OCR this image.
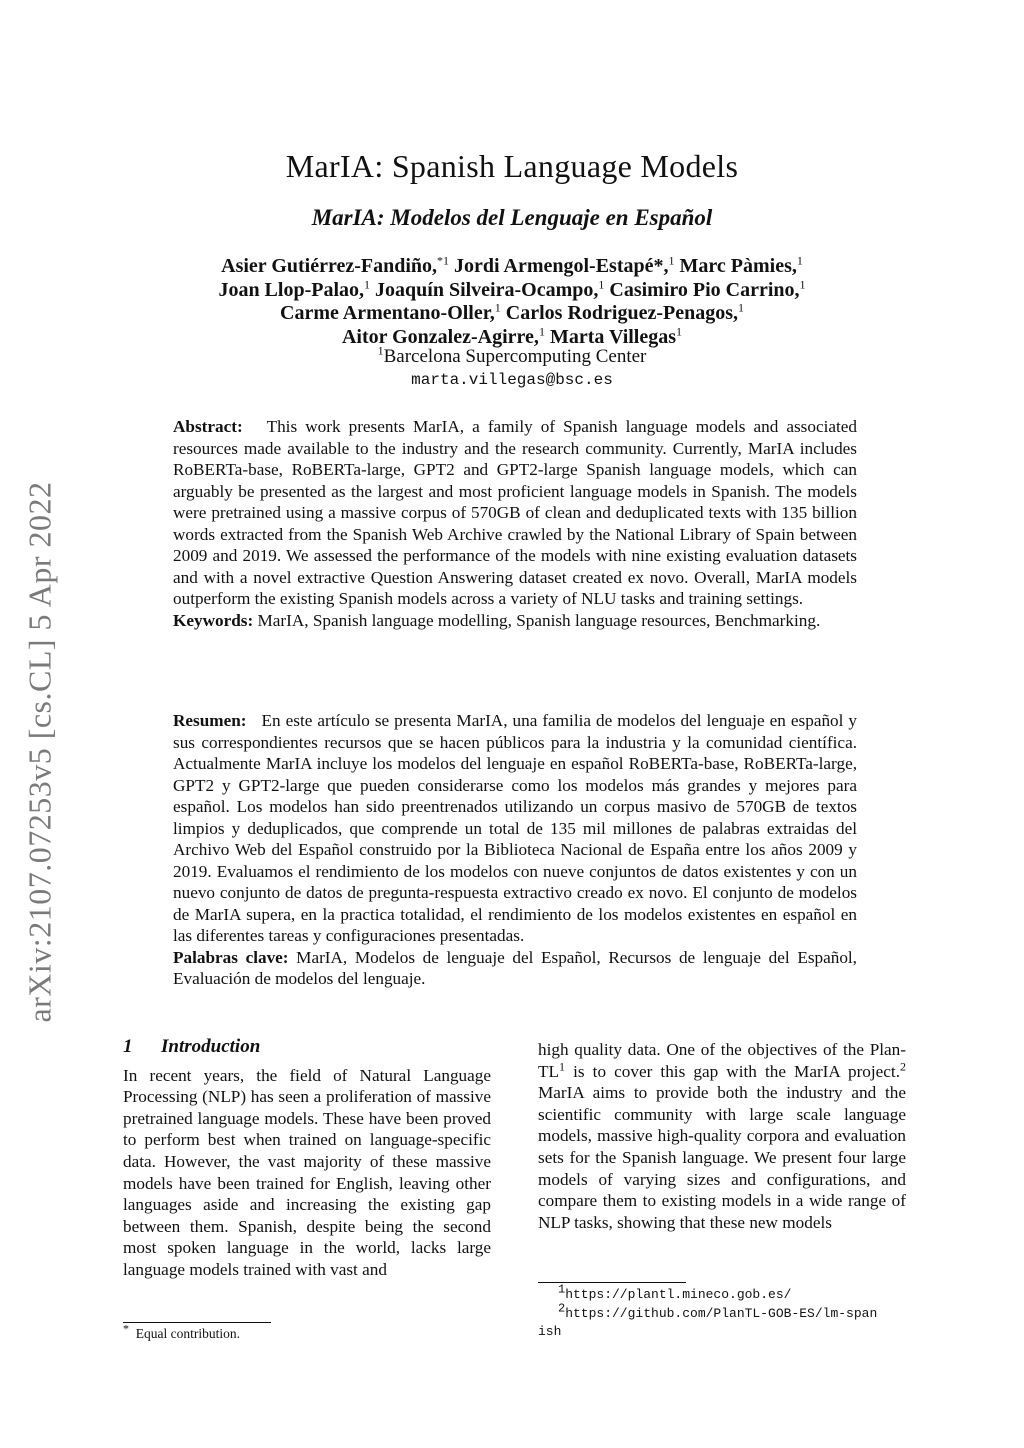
arXiv:2107.07253v5 [cs.CL] 5 Apr 2022
MarIA: Spanish Language Models
MarIA: Modelos del Lenguaje en Español
Asier Gutiérrez-Fandiño,$^{*1}$ Jordi Armengol-Estapé*,$^1$ Marc Pàmies,$^1$
Joan Llop-Palao,$^1$ Joaquín Silveira-Ocampo,$^1$ Casimiro Pio Carrino,$^1$
Carme Armentano-Oller,$^1$ Carlos Rodriguez-Penagos,$^1$
Aitor Gonzalez-Agirre,$^1$ Marta Villegas$^1$
$^1$Barcelona Supercomputing Center
marta.villegas@bsc.es

Abstract: This work presents MarIA, a family of Spanish language models and associated resources made available to the industry and the research community. Currently, MarIA includes RoBERTa-base, RoBERTa-large, GPT2 and GPT2-large Spanish language models, which can arguably be presented as the largest and most proficient language models in Spanish. The models were pretrained using a massive corpus of 570GB of clean and deduplicated texts with 135 billion words extracted from the Spanish Web Archive crawled by the National Library of Spain between 2009 and 2019. We assessed the performance of the models with nine existing evaluation datasets and with a novel extractive Question Answering dataset created ex novo. Overall, MarIA models outperform the existing Spanish models across a variety of NLU tasks and training settings.

Keywords: MarIA, Spanish language modelling, Spanish language resources, Benchmarking.

Resumen: En este artículo se presenta MarIA, una familia de modelos del lenguaje en español y sus correspondientes recursos que se hacen públicos para la industria y la comunidad científica. Actualmente MarIA incluye los modelos del lenguaje en español RoBERTa-base, RoBERTa-large, GPT2 y GPT2-large que pueden considerarse como los modelos más grandes y mejores para español. Los modelos han sido preentrenados utilizando un corpus masivo de 570GB de textos limpios y deduplicados, que comprende un total de 135 mil millones de palabras extraidas del Archivo Web del Español construido por la Biblioteca Nacional de España entre los años 2009 y 2019. Evaluamos el rendimiento de los modelos con nueve conjuntos de datos existentes y con un nuevo conjunto de datos de pregunta-respuesta extractivo creado ex novo. El conjunto de modelos de MarIA supera, en la practica totalidad, el rendimiento de los modelos existentes en español en las diferentes tareas y configuraciones presentadas.

Palabras clave: MarIA, Modelos de lenguaje del Español, Recursos de lenguaje del Español, Evaluación de modelos del lenguaje.

1 Introduction

In recent years, the field of Natural Language Processing (NLP) has seen a proliferation of massive pretrained language models. These have been proved to perform best when trained on language-specific data. However, the vast majority of these massive models have been trained for English, leaving other languages aside and increasing the existing gap between them. Spanish, despite being the second most spoken language in the world, lacks large language models trained with vast and

high quality data. One of the objectives of the Plan-$TL^1$ is to cover this gap with the MarIA project.$^2$ MarIA aims to provide both the industry and the scientific community with large scale language models, massive high-quality corpora and evaluation sets for the Spanish language. We present four large models of varying sizes and configurations, and compare them to existing models in a wide range of NLP tasks, showing that these new models

* Equal contribution.
$^1$https://plantl.mineco.gob.es/
$^2$https://github.com/PlanTL-GOB-ES/lm-spanish
